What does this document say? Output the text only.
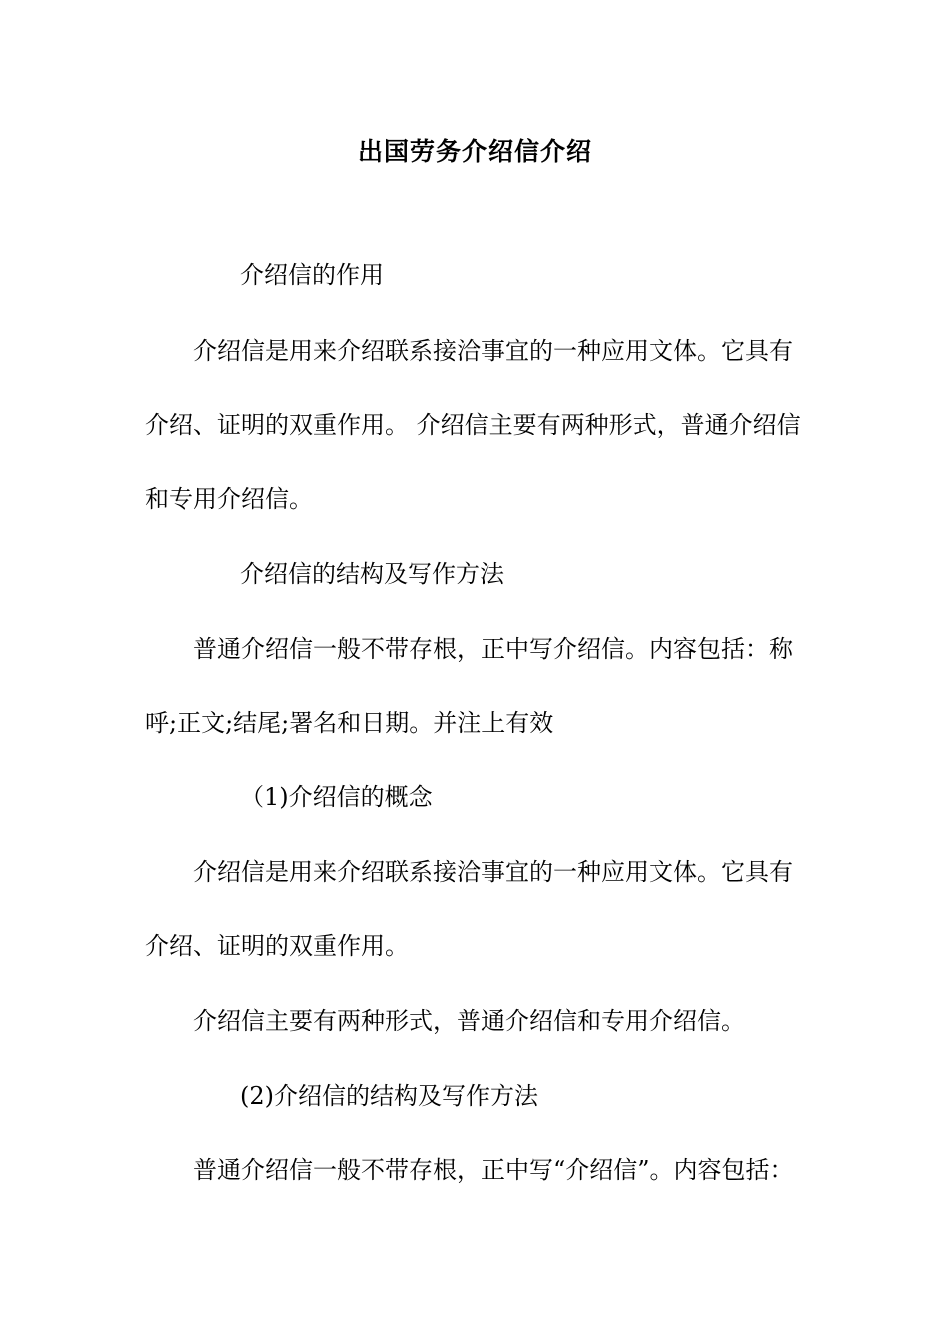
出国劳务介绍信介绍
介绍信的作用
介绍信是用来介绍联系接洽事宜的一种应用文体。它具有
介绍、证明的双重作用。 介绍信主要有两种形式，普通介绍信
和专用介绍信。
介绍信的结构及写作方法
普通介绍信一般不带存根，正中写介绍信。内容包括：称
呼;正文;结尾;署名和日期。并注上有效
（1)介绍信的概念
介绍信是用来介绍联系接洽事宜的一种应用文体。它具有
介绍、证明的双重作用。
介绍信主要有两种形式，普通介绍信和专用介绍信。
(2)介绍信的结构及写作方法
普通介绍信一般不带存根，正中写“介绍信”。内容包括：
